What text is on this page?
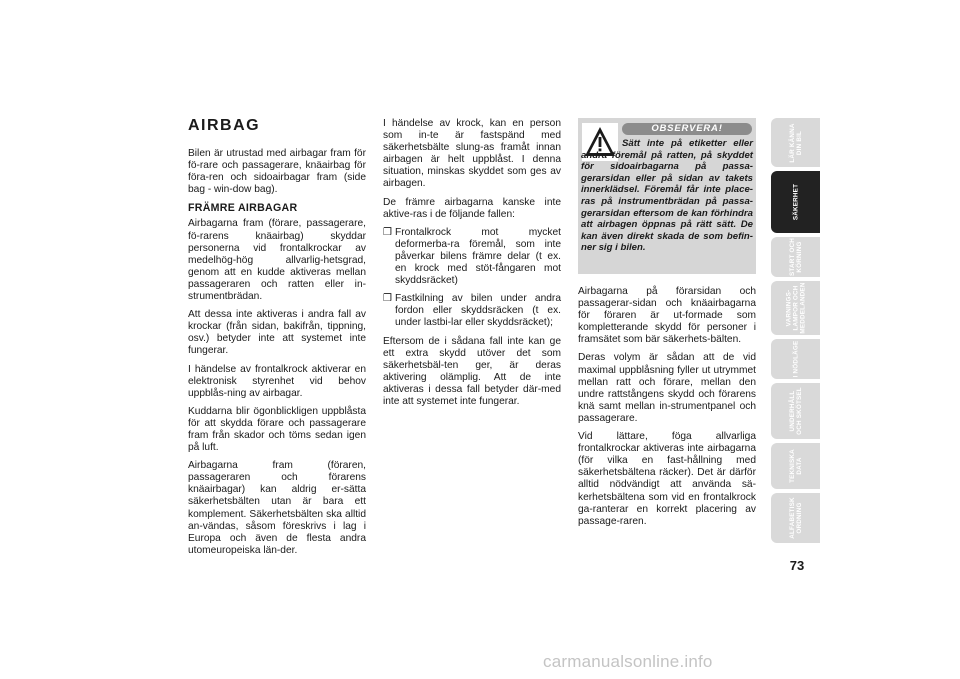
AIRBAG

Bilen är utrustad med airbagar fram för fö-rare och passagerare, knäairbag för föra-ren och sidoairbagar fram (side bag - win-dow bag).

FRÄMRE AIRBAGAR

Airbagarna fram (förare, passagerare, fö-rarens knäairbag) skyddar personerna vid frontalkrockar av medelhög-hög allvarlig-hetsgrad, genom att en kudde aktiveras mellan passageraren och ratten eller in-strumentbrädan.

Att dessa inte aktiveras i andra fall av krockar (från sidan, bakifrån, tippning, osv.) betyder inte att systemet inte fungerar.

I händelse av frontalkrock aktiverar en elektronisk styrenhet vid behov uppblås-ning av airbagar.

Kuddarna blir ögonblickligen uppblåsta för att skydda förare och passagerare fram från skador och töms sedan igen på luft.

Airbagarna fram (föraren, passageraren och förarens knäairbagar) kan aldrig er-sätta säkerhetsbälten utan är bara ett komplement. Säkerhetsbälten ska alltid an-vändas, såsom föreskrivs i lag i Europa och även de flesta andra utomeuropeiska län-der.

I händelse av krock, kan en person som in-te är fastspänd med säkerhetsbälte slung-as framåt innan airbagen är helt uppblåst. I denna situation, minskas skyddet som ges av airbagen.

De främre airbagarna kanske inte aktive-ras i de följande fallen:

❒ Frontalkrock mot mycket deformerba-ra föremål, som inte påverkar bilens främre delar (t ex. en krock med stöt-fångaren mot skyddsräcket)
❒ Fastkilning av bilen under andra fordon eller skyddsräcken (t ex. under lastbi-lar eller skyddsräcket);

Eftersom de i sådana fall inte kan ge ett extra skydd utöver det som säkerhetsbäl-ten ger, är deras aktivering olämplig. Att de inte aktiveras i dessa fall betyder där-med inte att systemet inte fungerar.

OBSERVERA!
Sätt inte på etiketter eller andra föremål på ratten, på skyddet för sidoairbagarna på passa-gerarsidan eller på sidan av takets innerklädsel. Föremål får inte place-ras på instrumentbrädan på passa-gerarsidan eftersom de kan förhindra att airbagen öppnas på rätt sätt. De kan även direkt skada de som befin-ner sig i bilen.

Airbagarna på förarsidan och passagerar-sidan och knäairbagarna för föraren är ut-formade som kompletterande skydd för personer i framsätet som bär säkerhets-bälten.

Deras volym är sådan att de vid maximal uppblåsning fyller ut utrymmet mellan ratt och förare, mellan den undre rattstångens skydd och förarens knä samt mellan in-strumentpanel och passagerare.

Vid lättare, föga allvarliga frontalkrockar aktiveras inte airbagarna (för vilka en fast-hållning med säkerhetsbältena räcker). Det är därför alltid nödvändigt att använda sä-kerhetsbältena som vid en frontalkrock ga-ranterar en korrekt placering av passage-raren.

LÄR KÄNNA
DIN BIL
SÄKERHET
START OCH
KÖRNING
VARNINGS-
LAMPOR OCH
MEDDELANDEN
I NÖDLÄGE
UNDERHÅLL
OCH SKÖTSEL
TEKNISKA
DATA
ALFABETISK
ORDNING
73
carmanualsonline.info
